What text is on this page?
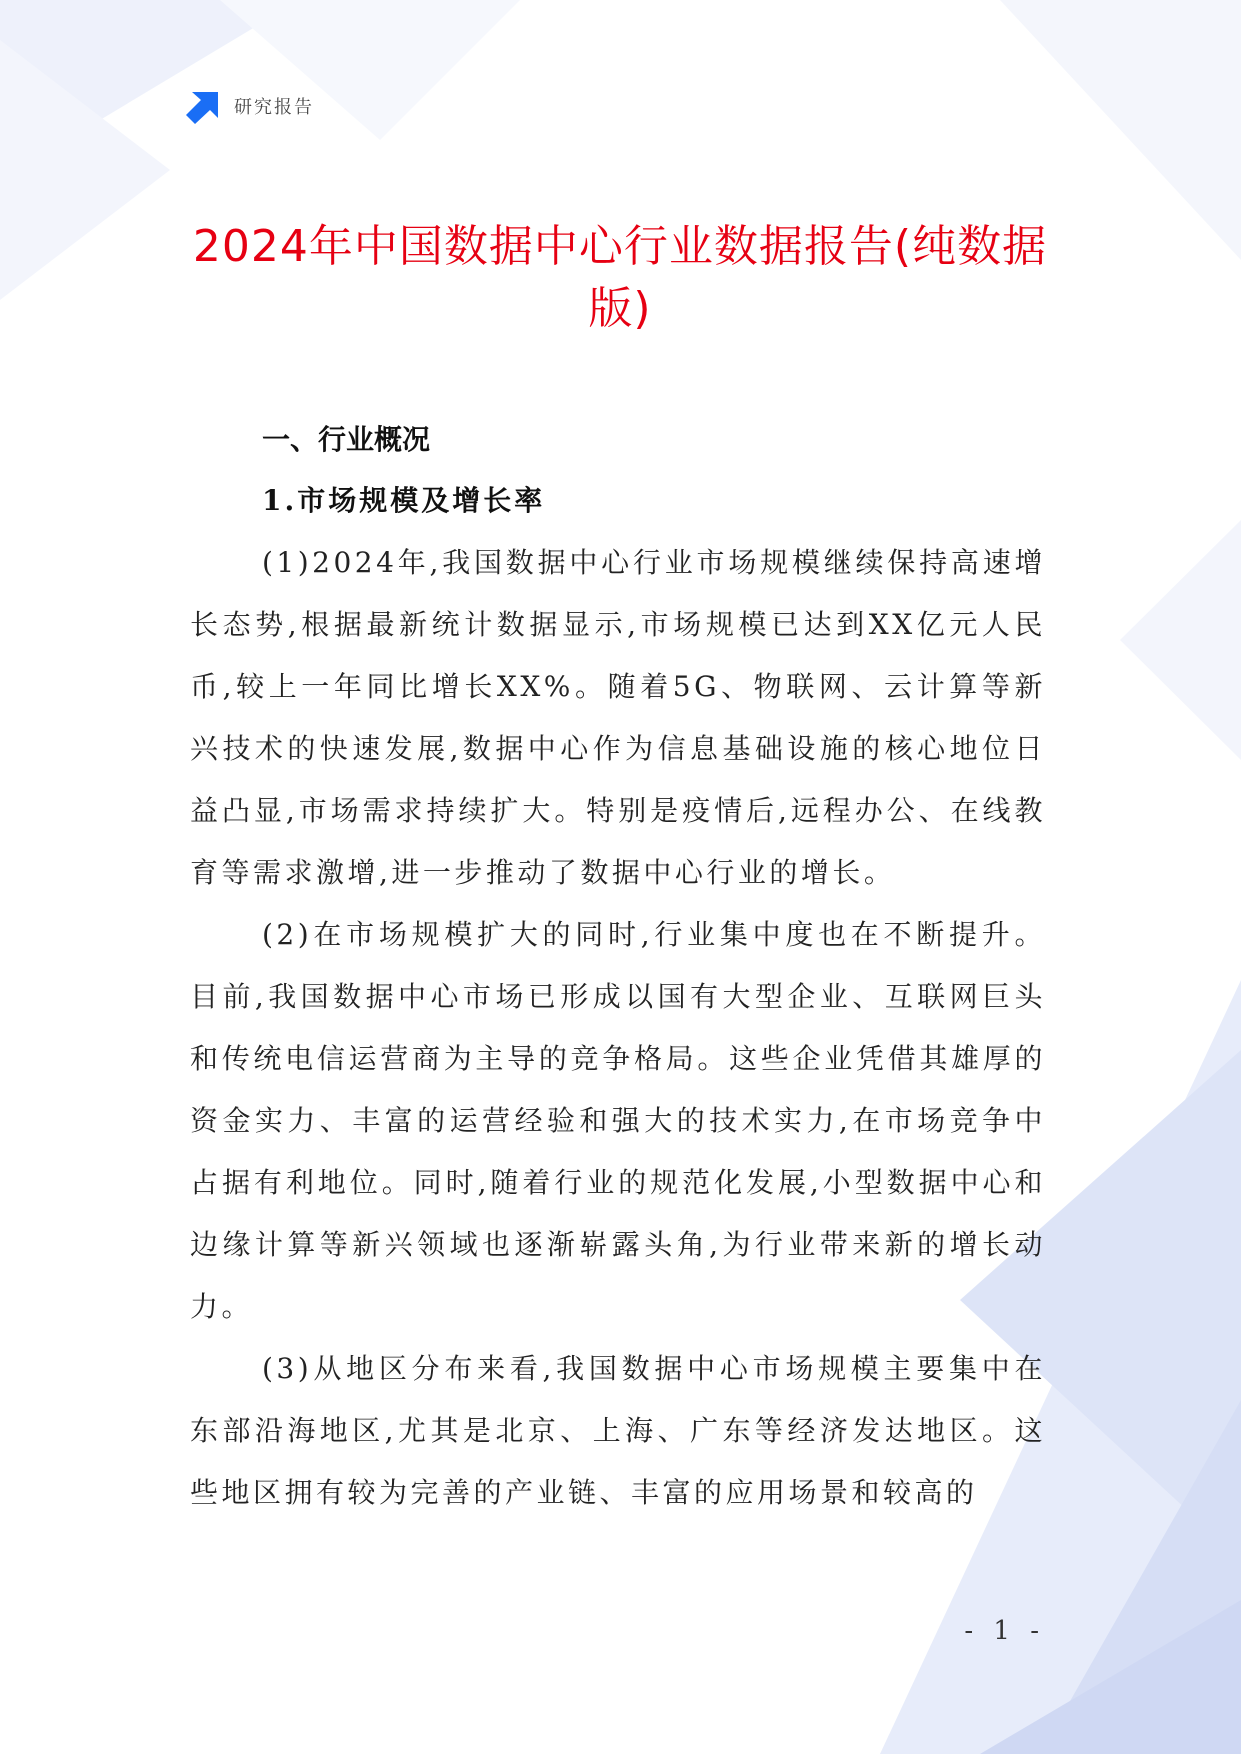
研究报告
2024年中国数据中心行业数据报告(纯数据版)
一、行业概况
1.市场规模及增长率

(1)2024年,我国数据中心行业市场规模继续保持高速增长态势,根据最新统计数据显示,市场规模已达到XX亿元人民币,较上一年同比增长XX%。随着5G、物联网、云计算等新兴技术的快速发展,数据中心作为信息基础设施的核心地位日益凸显,市场需求持续扩大。特别是疫情后,远程办公、在线教育等需求激增,进一步推动了数据中心行业的增长。

(2)在市场规模扩大的同时,行业集中度也在不断提升。目前,我国数据中心市场已形成以国有大型企业、互联网巨头和传统电信运营商为主导的竞争格局。这些企业凭借其雄厚的资金实力、丰富的运营经验和强大的技术实力,在市场竞争中占据有利地位。同时,随着行业的规范化发展,小型数据中心和边缘计算等新兴领域也逐渐崭露头角,为行业带来新的增长动力。

(3)从地区分布来看,我国数据中心市场规模主要集中在东部沿海地区,尤其是北京、上海、广东等经济发达地区。这些地区拥有较为完善的产业链、丰富的应用场景和较高的

- 1 -
